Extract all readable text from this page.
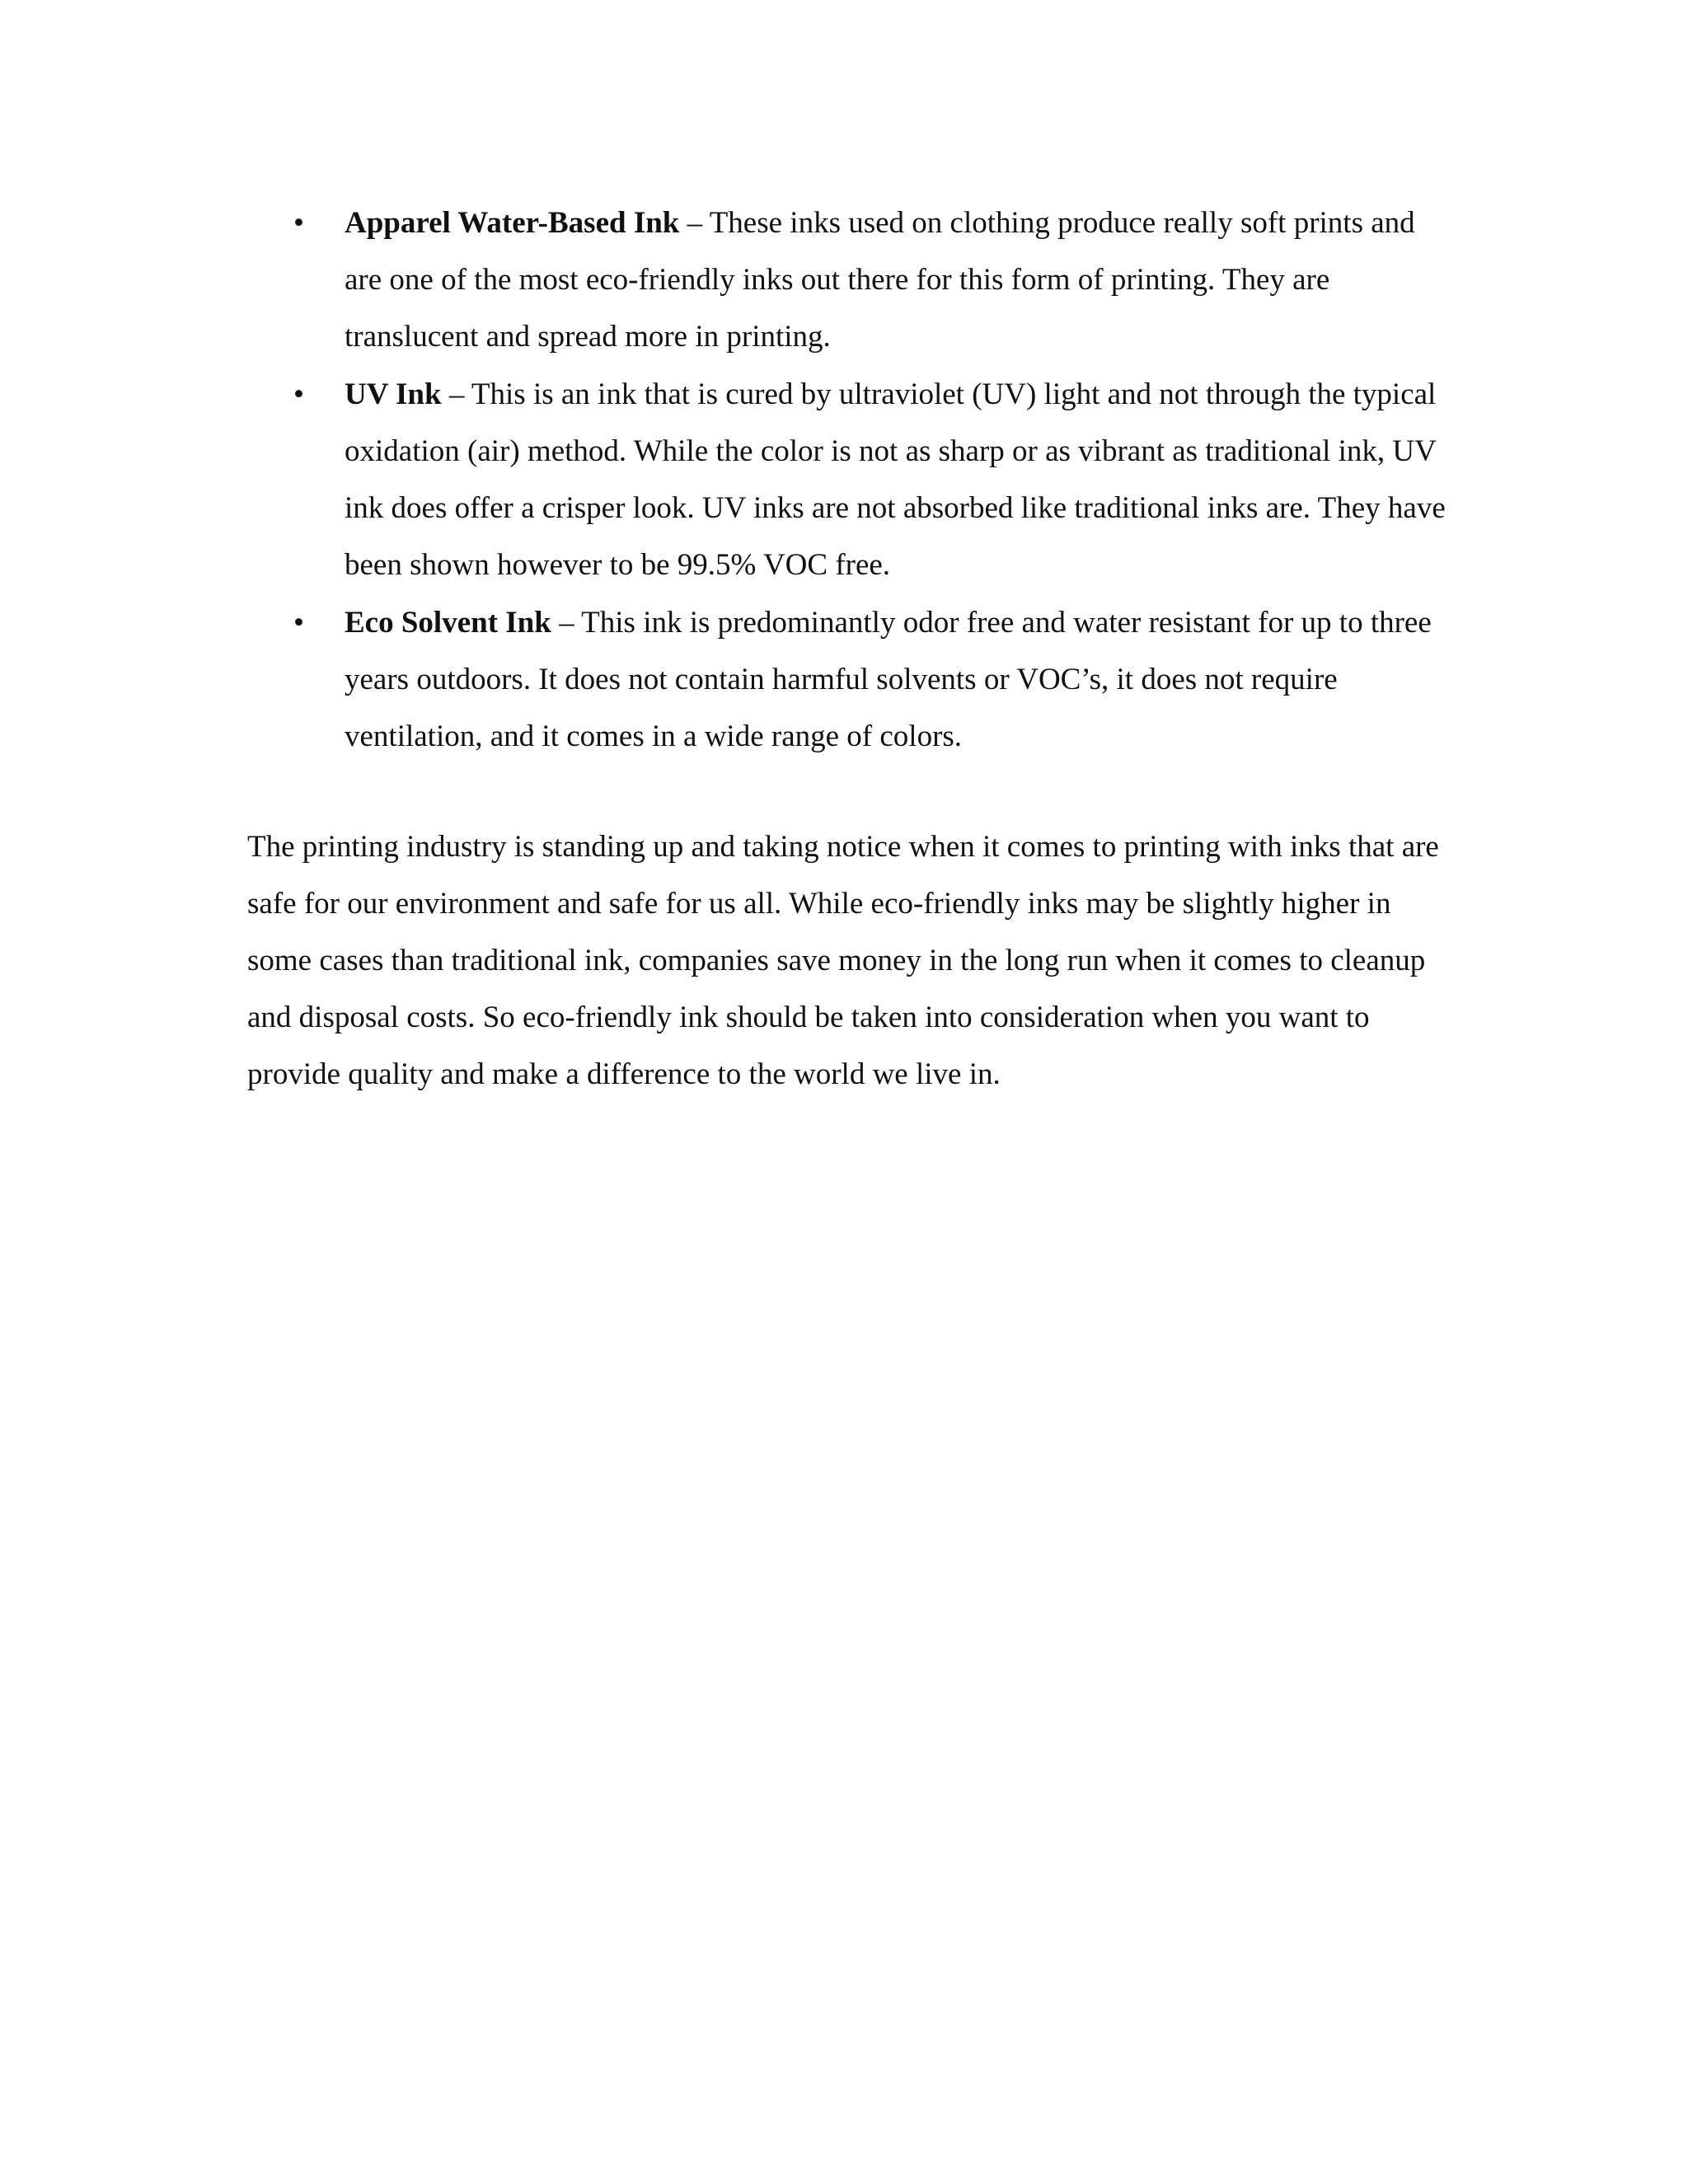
• Apparel Water-Based Ink – These inks used on clothing produce really soft prints and are one of the most eco-friendly inks out there for this form of printing. They are translucent and spread more in printing.
• UV Ink – This is an ink that is cured by ultraviolet (UV) light and not through the typical oxidation (air) method. While the color is not as sharp or as vibrant as traditional ink, UV ink does offer a crisper look. UV inks are not absorbed like traditional inks are. They have been shown however to be 99.5% VOC free.
• Eco Solvent Ink – This ink is predominantly odor free and water resistant for up to three years outdoors. It does not contain harmful solvents or VOC’s, it does not require ventilation, and it comes in a wide range of colors.

The printing industry is standing up and taking notice when it comes to printing with inks that are safe for our environment and safe for us all. While eco-friendly inks may be slightly higher in some cases than traditional ink, companies save money in the long run when it comes to cleanup and disposal costs. So eco-friendly ink should be taken into consideration when you want to provide quality and make a difference to the world we live in.
